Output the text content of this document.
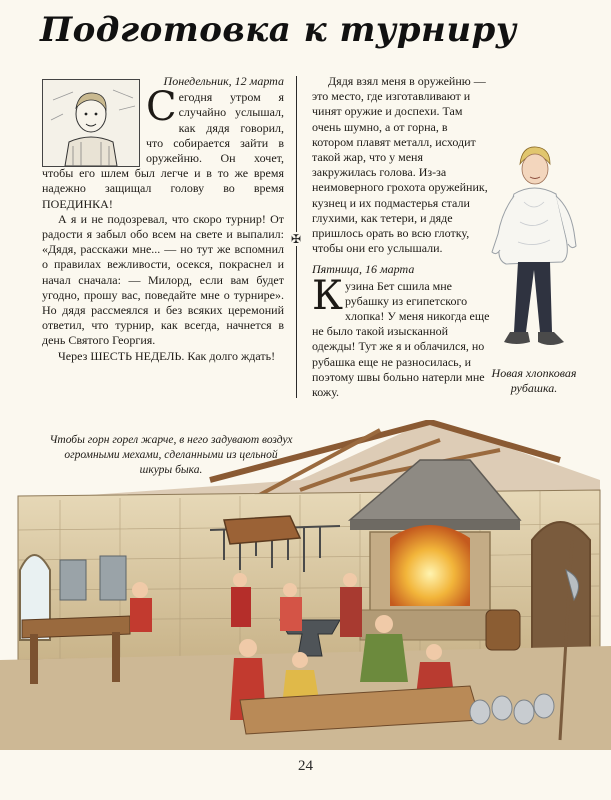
Подготовка к турниру
Понедельник, 12 марта

Сегодня утром я случайно услышал, как дядя говорил, что собирается зайти в оружейню. Он хочет, чтобы его шлем был легче и в то же время надежно защищал голову во время ПОЕДИНКА!

А я и не подозревал, что скоро турнир! От радости я забыл обо всем на свете и выпалил: «Дядя, расскажи мне... — но тут же вспомнил о правилах вежливости, осекся, покраснел и начал сначала: — Милорд, если вам будет угодно, прошу вас, поведайте мне о турнире». Но дядя рассмеялся и без всяких церемоний ответил, что турнир, как всегда, начнется в день Святого Георгия.

Через ШЕСТЬ НЕДЕЛЬ. Как долго ждать!

✠

Дядя взял меня в оружейню — это место, где изготавливают и чинят оружие и доспехи. Там очень шумно, а от горна, в котором плавят металл, исходит такой жар, что у меня закружилась голова. Из-за неимоверного грохота оружейник, кузнец и их подмастерья стали глухими, как тетери, и дяде пришлось орать во всю глотку, чтобы они его услышали.

Пятница, 16 марта

Кузина Бет сшила мне рубашку из египетского хлопка! У меня никогда еще не было такой изысканной одежды! Тут же я и облачился, но рубашка еще не разносилась, и поэтому швы больно натерли мне кожу.

Новая хлопковая рубашка.
Чтобы горн горел жарче, в него задувают воздух огромными мехами, сделанными из цельной шкуры быка.
24
